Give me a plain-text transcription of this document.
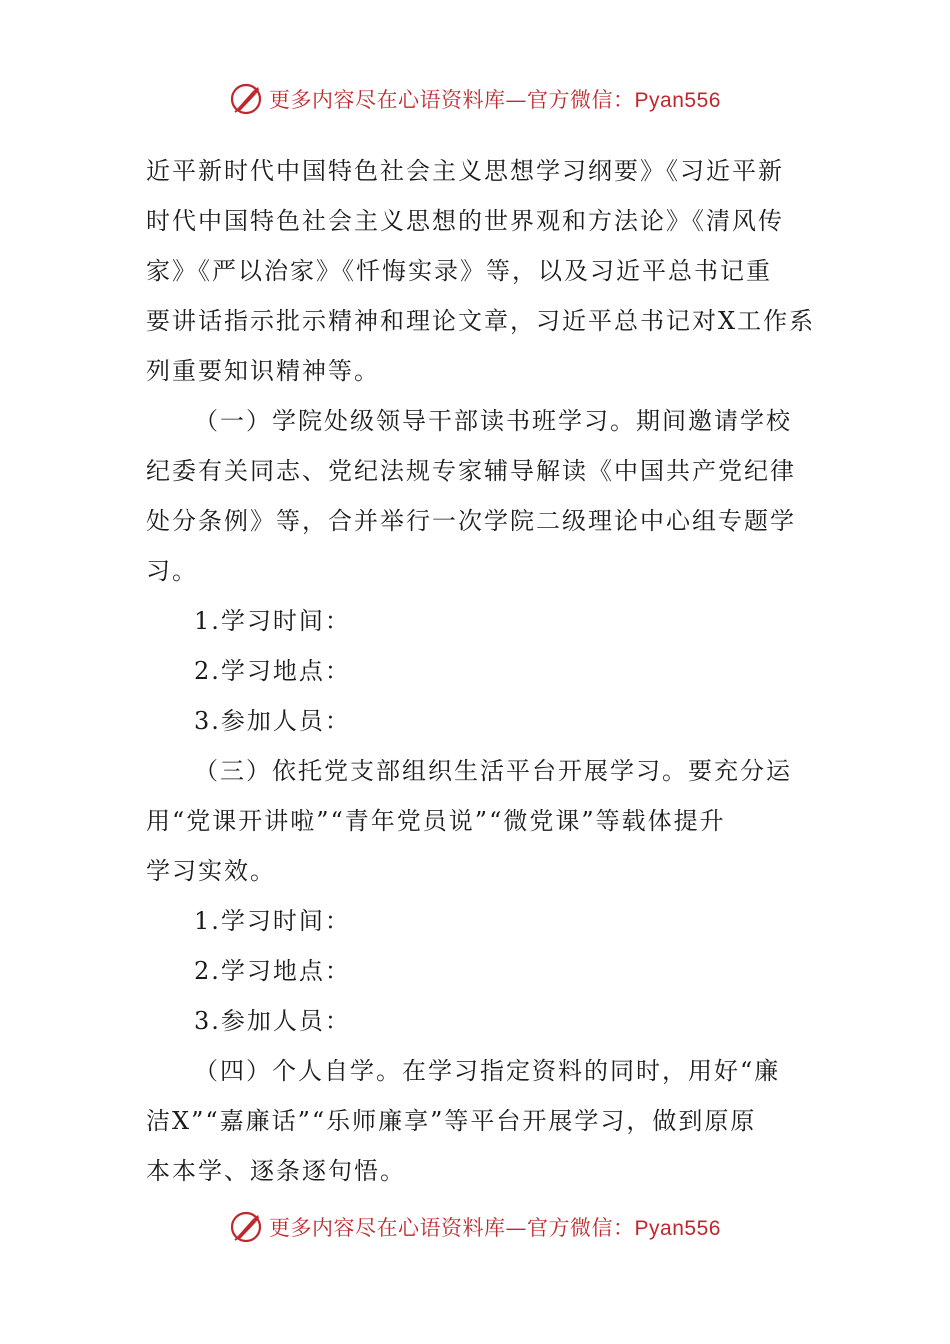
更多内容尽在心语资料库—官方微信：Pyan556
近平新时代中国特色社会主义思想学习纲要》《习近平新
时代中国特色社会主义思想的世界观和方法论》《清风传
家》《严以治家》《忏悔实录》等，以及习近平总书记重
要讲话指示批示精神和理论文章，习近平总书记对X工作系
列重要知识精神等。
（一）学院处级领导干部读书班学习。期间邀请学校
纪委有关同志、党纪法规专家辅导解读《中国共产党纪律
处分条例》等，合并举行一次学院二级理论中心组专题学
习。
1.学习时间：
2.学习地点：
3.参加人员：
（三）依托党支部组织生活平台开展学习。要充分运
用“党课开讲啦”“青年党员说”“微党课”等载体提升
学习实效。
1.学习时间：
2.学习地点：
3.参加人员：
（四）个人自学。在学习指定资料的同时，用好“廉
洁X”“嘉廉话”“乐师廉享”等平台开展学习，做到原原
本本学、逐条逐句悟。
更多内容尽在心语资料库—官方微信：Pyan556
